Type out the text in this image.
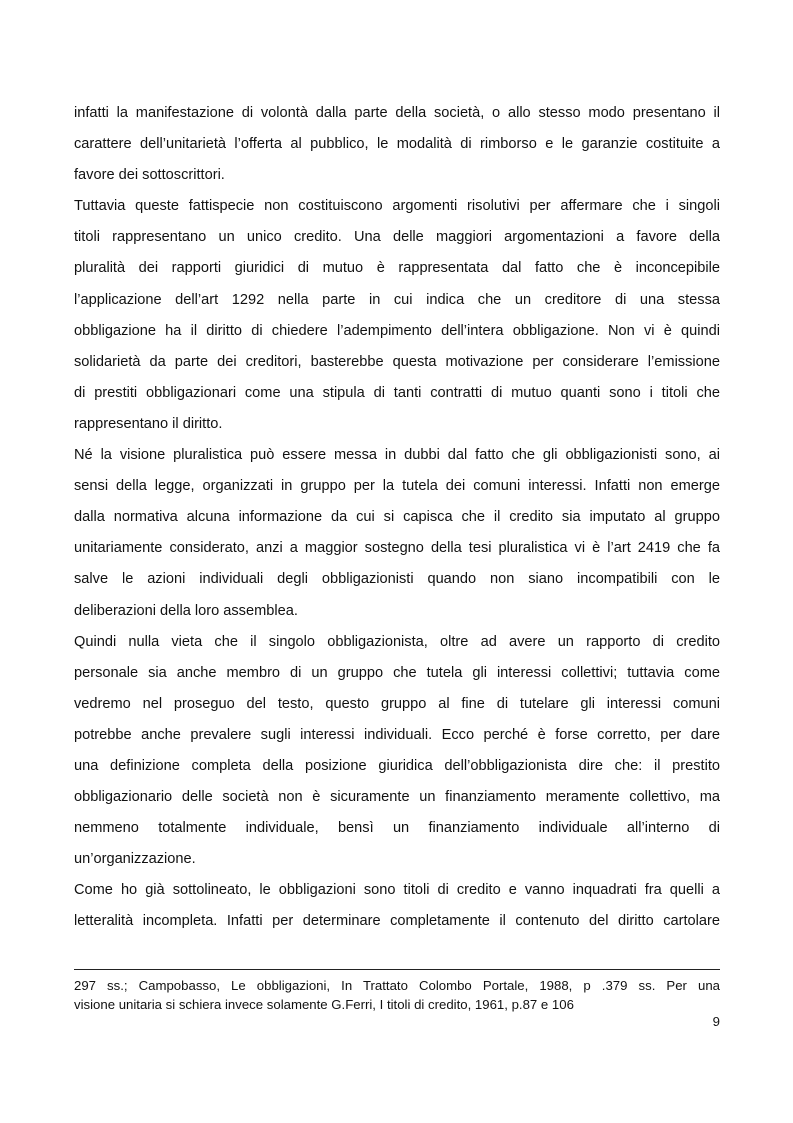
infatti la manifestazione di volontà dalla parte della società, o allo stesso modo presentano il
carattere dell’unitarietà l’offerta al pubblico, le modalità di rimborso e le garanzie costituite a
favore dei sottoscrittori.
Tuttavia queste fattispecie non costituiscono argomenti risolutivi per affermare che i singoli
titoli rappresentano un unico credito. Una delle maggiori argomentazioni a favore della
pluralità dei rapporti giuridici di mutuo è rappresentata dal fatto che è inconcepibile
l’applicazione dell’art 1292 nella parte in cui indica che un creditore di una stessa
obbligazione ha il diritto di chiedere l’adempimento dell’intera obbligazione. Non vi è quindi
solidarietà da parte dei creditori, basterebbe questa motivazione per considerare l’emissione
di prestiti obbligazionari come una stipula di tanti contratti di mutuo quanti sono i titoli che
rappresentano il diritto.
Né la visione pluralistica può essere messa in dubbi dal fatto che gli obbligazionisti sono, ai
sensi della legge, organizzati in gruppo per la tutela dei comuni interessi. Infatti non emerge
dalla normativa alcuna informazione da cui si capisca che il credito sia imputato al gruppo
unitariamente considerato, anzi a maggior sostegno della tesi pluralistica vi è l’art 2419 che fa
salve le azioni individuali degli obbligazionisti quando non siano incompatibili con le
deliberazioni della loro assemblea.
Quindi nulla vieta che il singolo obbligazionista, oltre ad avere un rapporto di credito
personale sia anche membro di un gruppo che tutela gli interessi collettivi; tuttavia come
vedremo nel proseguo del testo, questo gruppo al fine di tutelare gli interessi comuni
potrebbe anche prevalere sugli interessi individuali. Ecco perché è forse corretto, per dare
una definizione completa della posizione giuridica dell’obbligazionista dire che: il prestito
obbligazionario delle società non è sicuramente un finanziamento meramente collettivo, ma
nemmeno totalmente individuale, bensì un finanziamento individuale all’interno di
un’organizzazione.
Come ho già sottolineato, le obbligazioni sono titoli di credito e vanno inquadrati fra quelli a
letteralità incompleta. Infatti per determinare completamente il contenuto del diritto cartolare
297 ss.; Campobasso, Le obbligazioni, In Trattato Colombo Portale, 1988, p .379 ss. Per una
visione unitaria si schiera invece solamente G.Ferri, I titoli di credito, 1961, p.87 e 106
9
